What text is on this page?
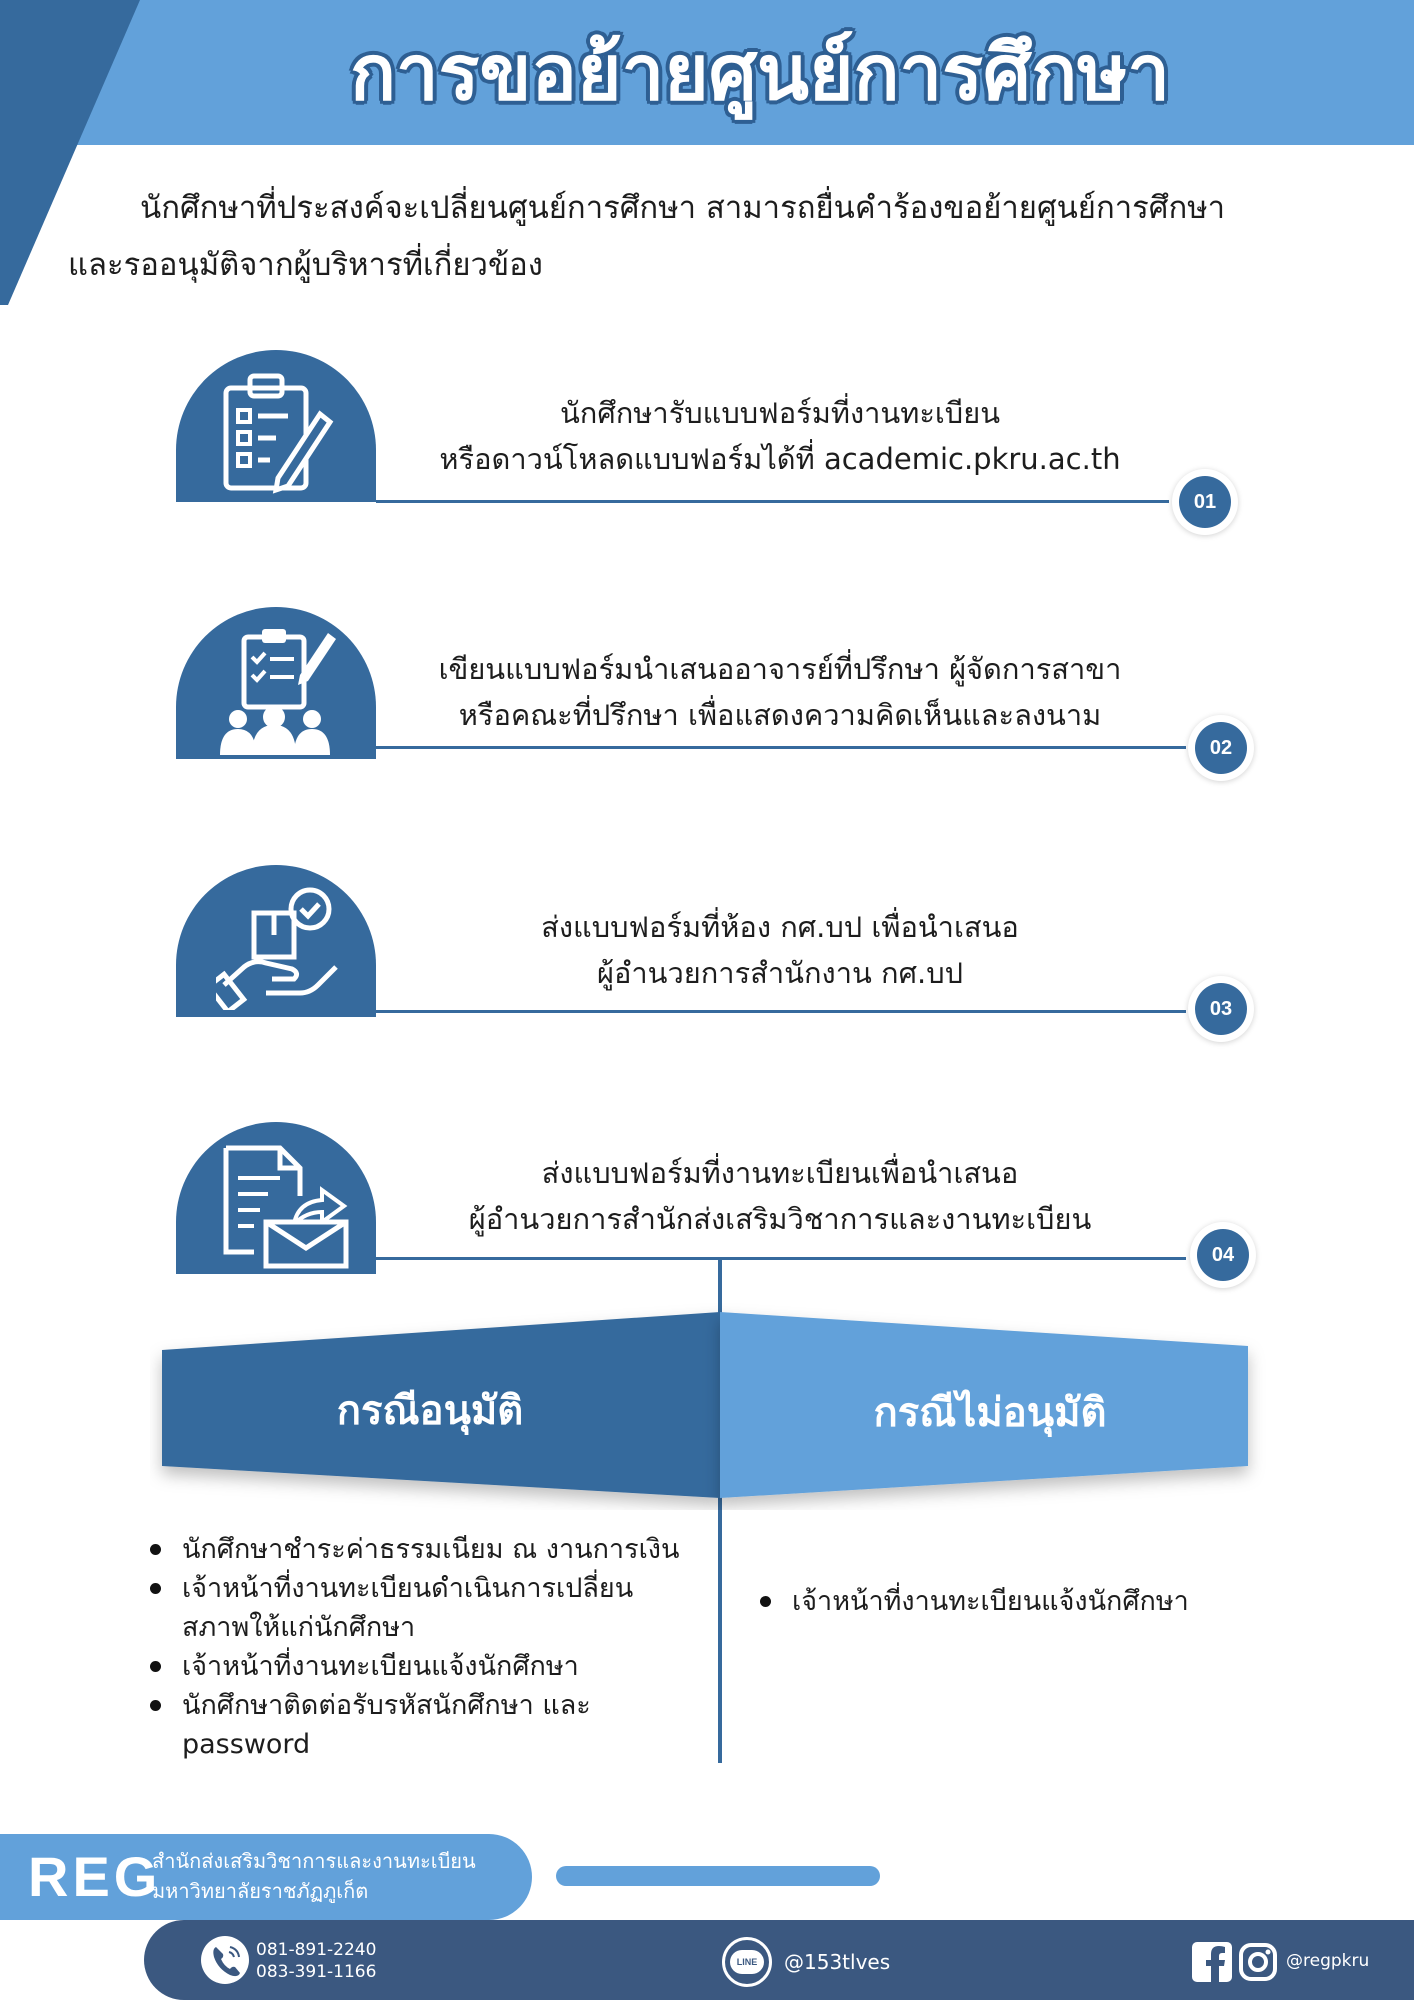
การขอย้ายศูนย์การศึกษา
นักศึกษาที่ประสงค์จะเปลี่ยนศูนย์การศึกษา สามารถยื่นคำร้องขอย้ายศูนย์การศึกษา
และรออนุมัติจากผู้บริหารที่เกี่ยวข้อง
นักศึกษารับแบบฟอร์มที่งานทะเบียน
หรือดาวน์โหลดแบบฟอร์มได้ที่ academic.pkru.ac.th
01
เขียนแบบฟอร์มนำเสนออาจารย์ที่ปรึกษา ผู้จัดการสาขา
หรือคณะที่ปรึกษา เพื่อแสดงความคิดเห็นและลงนาม
02
ส่งแบบฟอร์มที่ห้อง กศ.บป เพื่อนำเสนอ
ผู้อำนวยการสำนักงาน กศ.บป
03
ส่งแบบฟอร์มที่งานทะเบียนเพื่อนำเสนอ
ผู้อำนวยการสำนักส่งเสริมวิชาการและงานทะเบียน
04
กรณีอนุมัติ	กรณีไม่อนุมัติ
นักศึกษาชำระค่าธรรมเนียม ณ งานการเงิน
เจ้าหน้าที่งานทะเบียนดำเนินการเปลี่ยน สภาพให้แก่นักศึกษา
เจ้าหน้าที่งานทะเบียนแจ้งนักศึกษา
นักศึกษาติดต่อรับรหัสนักศึกษา และ password
เจ้าหน้าที่งานทะเบียนแจ้งนักศึกษา
REG
สำนักส่งเสริมวิชาการและงานทะเบียน
มหาวิทยาลัยราชภัฏภูเก็ต
081-891-2240
083-391-1166	LINE	@153tlves	@regpkru
